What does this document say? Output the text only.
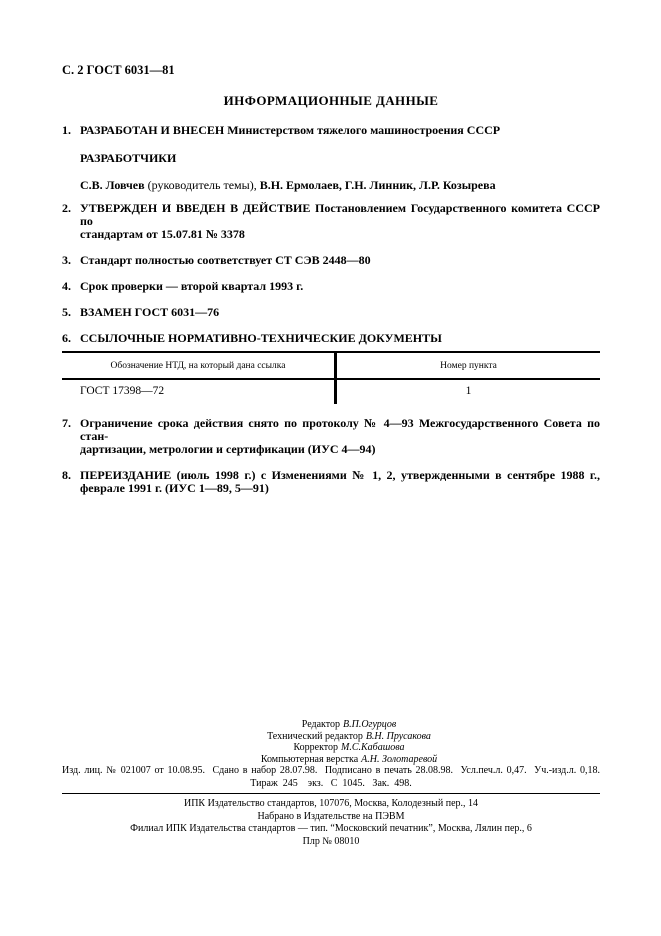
С. 2 ГОСТ 6031—81
ИНФОРМАЦИОННЫЕ ДАННЫЕ
1. РАЗРАБОТАН И ВНЕСЕН Министерством тяжелого машиностроения СССР
РАЗРАБОТЧИКИ
С.В. Ловчев (руководитель темы), В.Н. Ермолаев, Г.Н. Линник, Л.Р. Козырева
2. УТВЕРЖДЕН И ВВЕДЕН В ДЕЙСТВИЕ Постановлением Государственного комитета СССР по
стандартам от 15.07.81 № 3378
3. Стандарт полностью соответствует СТ СЭВ 2448—80
4. Срок проверки — второй квартал 1993 г.
5. ВЗАМЕН ГОСТ 6031—76
6. ССЫЛОЧНЫЕ НОРМАТИВНО-ТЕХНИЧЕСКИЕ ДОКУМЕНТЫ
Обозначение НТД, на который дана ссылка	Номер пункта
ГОСТ 17398—72	1
7. Ограничение срока действия снято по протоколу № 4—93 Межгосударственного Совета по стан-
дартизации, метрологии и сертификации (ИУС 4—94)
8. ПЕРЕИЗДАНИЕ (июль 1998 г.) с Изменениями № 1, 2, утвержденными в сентябре 1988 г.,
феврале 1991 г. (ИУС 1—89, 5—91)
Редактор В.П.Огурцов
Технический редактор В.Н. Прусакова
Корректор М.С.Кабашова
Компьютерная верстка А.Н. Золотаревой
Изд. лиц. № 021007 от 10.08.95.  Сдано в набор 28.07.98.  Подписано в печать 28.08.98.  Усл.печ.л. 0,47.  Уч.-изд.л. 0,18.
Тираж  245    экз.   С  1045.   Зак.  498.
ИПК Издательство стандартов, 107076, Москва, Колодезный пер., 14
Набрано в Издательстве на ПЭВМ
Филиал ИПК Издательства стандартов — тип. “Московский печатник”, Москва, Лялин пер., 6
Плр № 08010
